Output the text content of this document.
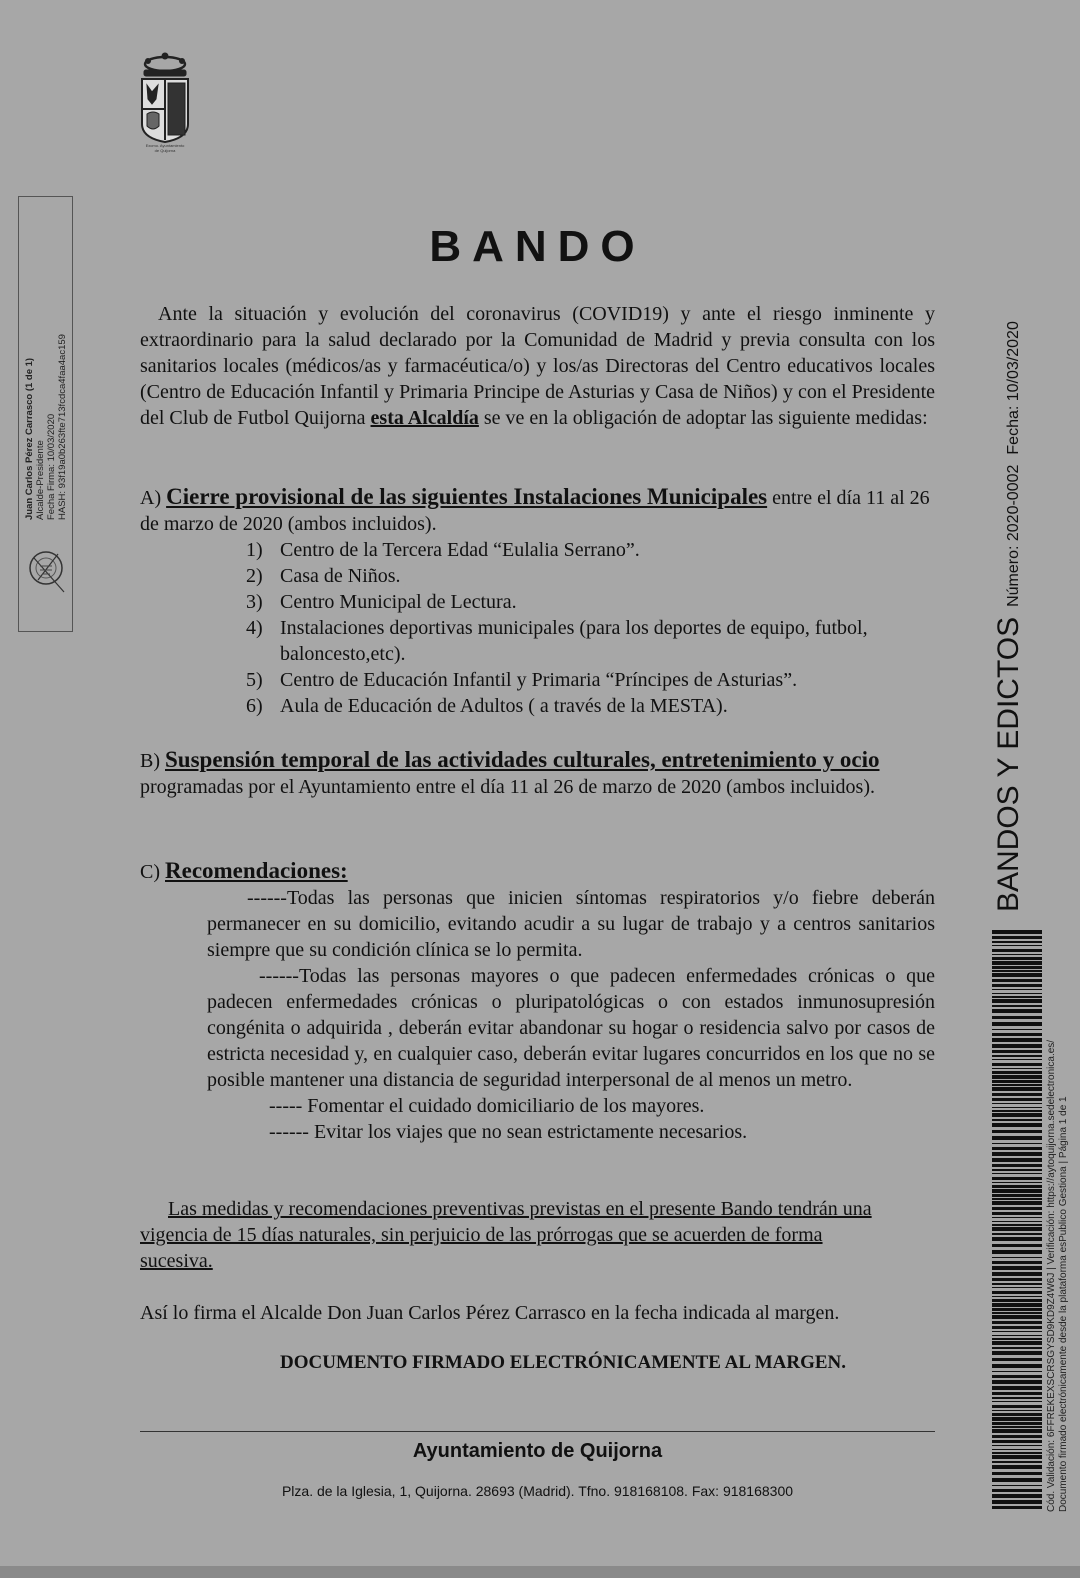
Excmo. Ayuntamiento
de Quijorna
Juan Carlos Pérez Carrasco (1 de 1) Alcalde-Presidente Fecha Firma: 10/03/2020 HASH: 93f19a0b263fte713fcdca4faa4ac159
BANDOS Y EDICTOS
Número: 2020-0002
Fecha: 10/03/2020
Cód. Validación: 6FFREKEXSCRSGYSD9KD9Z4W6J | Verificación: https://aytoquijorna.sedelectronica.es/ Documento firmado electrónicamente desde la plataforma esPublico Gestiona | Página 1 de 1
BANDO
Ante la situación y evolución del coronavirus (COVID19) y ante el riesgo inminente y extraordinario para la salud declarado por la Comunidad de Madrid y previa consulta con los sanitarios locales (médicos/as y farmacéutica/o) y los/as Directoras del Centro educativos locales (Centro de Educación Infantil y Primaria Principe de Asturias y Casa de Niños) y con el Presidente del Club de Futbol Quijorna esta Alcaldía se ve en la obligación de adoptar las siguiente medidas:
A) Cierre provisional de las siguientes Instalaciones Municipales entre el día 11 al 26 de marzo de 2020 (ambos incluidos).
1) Centro de la Tercera Edad “Eulalia Serrano”.
2) Casa de Niños.
3) Centro Municipal de Lectura.
4) Instalaciones deportivas municipales (para los deportes de equipo, futbol, baloncesto,etc).
5) Centro de Educación Infantil y Primaria “Príncipes de Asturias”.
6) Aula de Educación de Adultos ( a través de la MESTA).
B) Suspensión temporal de las actividades culturales, entretenimiento y ocio programadas por el Ayuntamiento entre el día 11 al 26 de marzo de 2020 (ambos incluidos).
C) Recomendaciones:

------Todas las personas que inicien síntomas respiratorios y/o fiebre deberán permanecer en su domicilio, evitando acudir a su lugar de trabajo y a centros sanitarios siempre que su condición clínica se lo permita.

------Todas las personas mayores o que padecen enfermedades crónicas o que padecen enfermedades crónicas o pluripatológicas o con estados inmunosupresión congénita o adquirida , deberán evitar abandonar su hogar o residencia salvo por casos de estricta necesidad y, en cualquier caso, deberán evitar lugares concurridos en los que no se posible mantener una distancia de seguridad interpersonal de al menos un metro.

----- Fomentar el cuidado domiciliario de los mayores.

------ Evitar los viajes que no sean estrictamente necesarios.

Las medidas y recomendaciones preventivas previstas en el presente Bando tendrán una vigencia de 15 días naturales, sin perjuicio de las prórrogas que se acuerden de forma sucesiva.
Así lo firma el Alcalde Don Juan Carlos Pérez Carrasco en la fecha indicada al margen.
DOCUMENTO FIRMADO ELECTRÓNICAMENTE AL MARGEN.
Ayuntamiento de Quijorna
Plza. de la Iglesia, 1, Quijorna. 28693 (Madrid). Tfno. 918168108. Fax: 918168300
